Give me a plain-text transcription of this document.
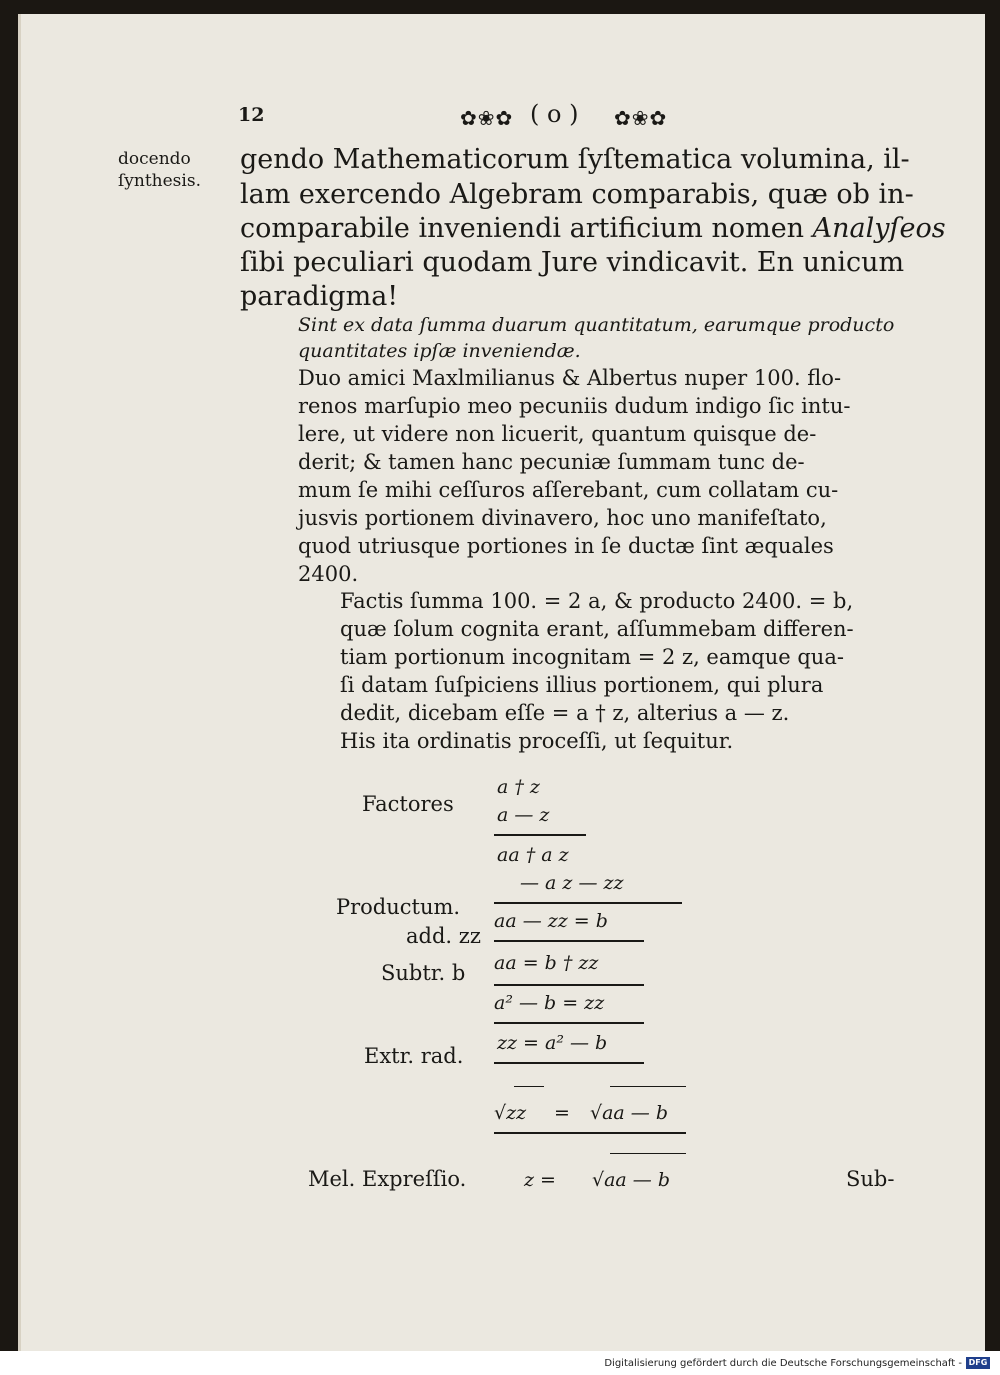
12	✿❀✿ ( o ) ✿❀✿
docendo
ſynthesis.
gendo Mathematicorum ſyſtematica volumina, il-
lam exercendo Algebram comparabis, quæ ob in-
comparabile inveniendi artificium nomen Analyſeos
ſibi peculiari quodam Jure vindicavit. En unicum
paradigma!
Sint ex data ſumma duarum quantitatum, earumque producto
quantitates ipſæ inveniendæ.
Duo amici Maxlmilianus & Albertus nuper 100. flo-
renos marſupio meo pecuniis dudum indigo ſic intu-
lere, ut videre non licuerit, quantum quisque de-
derit; & tamen hanc pecuniæ ſummam tunc de-
mum ſe mihi ceſſuros aſſerebant, cum collatam cu-
jusvis portionem divinavero, hoc uno manifeſtato,
quod utriusque portiones in ſe ductæ ſint æquales
2400.
Factis ſumma 100. = 2 a, & producto 2400. = b,
quæ ſolum cognita erant, aſſummebam differen-
tiam portionum incognitam = 2 z, eamque qua-
ſi datam ſuſpiciens illius portionem, qui plura
dedit, dicebam eſſe = a † z, alterius a — z.
His ita ordinatis proceſſi, ut ſequitur.
Factores
Productum.
add. zz
Subtr. b
Extr. rad.
Mel. Expreſſio.	Sub-
a † z
a — z
aa † a z
— a z — zz
aa — zz = b
aa = b † zz
a² — b = zz
zz = a² — b
√zz = √aa — b
z = √aa — b
Digitalisierung gefördert durch die Deutsche Forschungsgemeinschaft - DFG
